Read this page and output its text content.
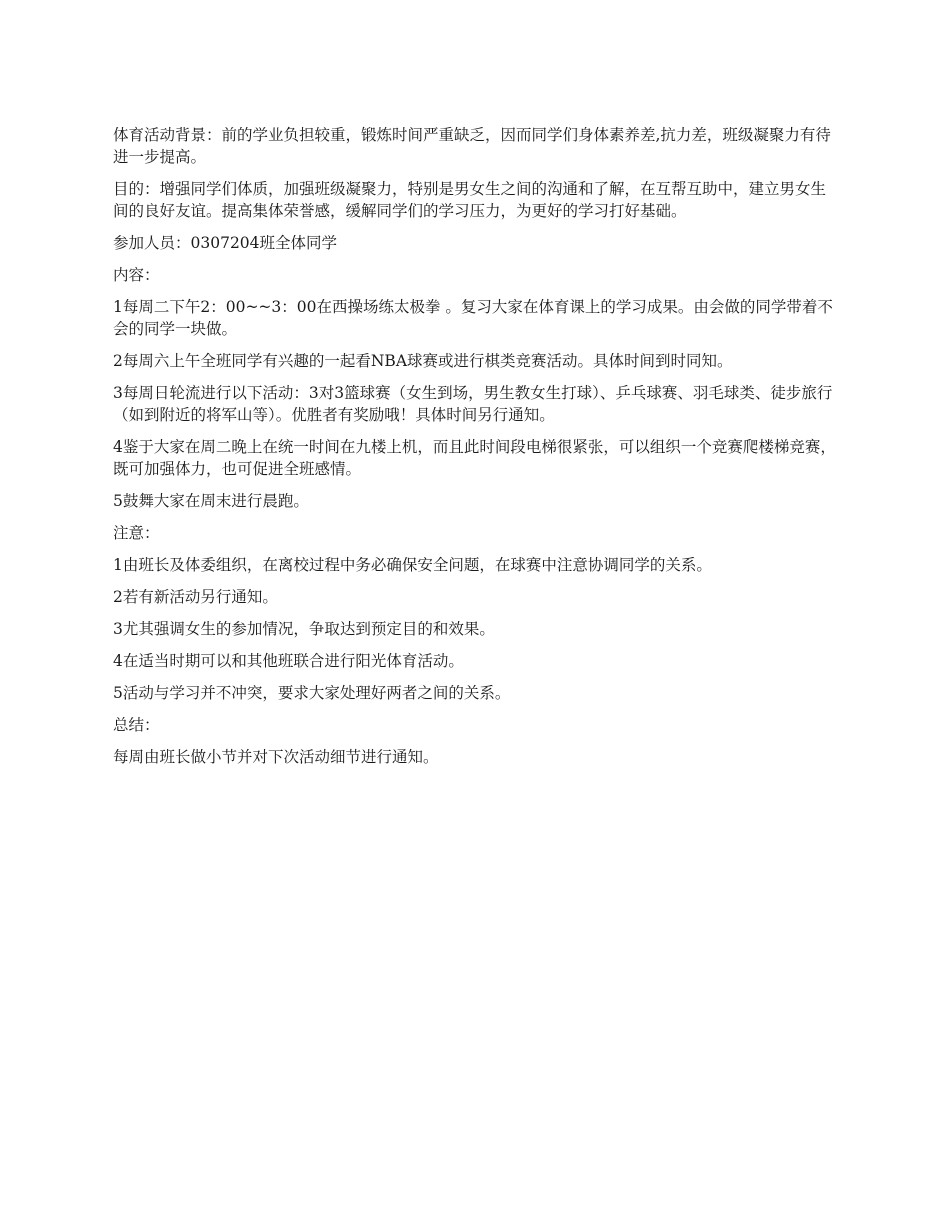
体育活动背景：前的学业负担较重，锻炼时间严重缺乏，因而同学们身体素养差,抗力差，班级凝聚力有待进一步提高。

目的：增强同学们体质，加强班级凝聚力，特别是男女生之间的沟通和了解，在互帮互助中，建立男女生间的良好友谊。提高集体荣誉感，缓解同学们的学习压力，为更好的学习打好基础。

参加人员：0307204班全体同学

内容：

1每周二下午2：00~~3：00在西操场练太极拳 。复习大家在体育课上的学习成果。由会做的同学带着不会的同学一块做。

2每周六上午全班同学有兴趣的一起看NBA球赛或进行棋类竞赛活动。具体时间到时同知。

3每周日轮流进行以下活动：3对3篮球赛（女生到场，男生教女生打球）、乒乓球赛、羽毛球类、徒步旅行（如到附近的将军山等）。优胜者有奖励哦！具体时间另行通知。

4鉴于大家在周二晚上在统一时间在九楼上机，而且此时间段电梯很紧张，可以组织一个竞赛爬楼梯竞赛，既可加强体力，也可促进全班感情。

5鼓舞大家在周末进行晨跑。

注意：

1由班长及体委组织，在离校过程中务必确保安全问题，在球赛中注意协调同学的关系。

2若有新活动另行通知。

3尤其强调女生的参加情况，争取达到预定目的和效果。

4在适当时期可以和其他班联合进行阳光体育活动。

5活动与学习并不冲突，要求大家处理好两者之间的关系。

总结：

每周由班长做小节并对下次活动细节进行通知。
